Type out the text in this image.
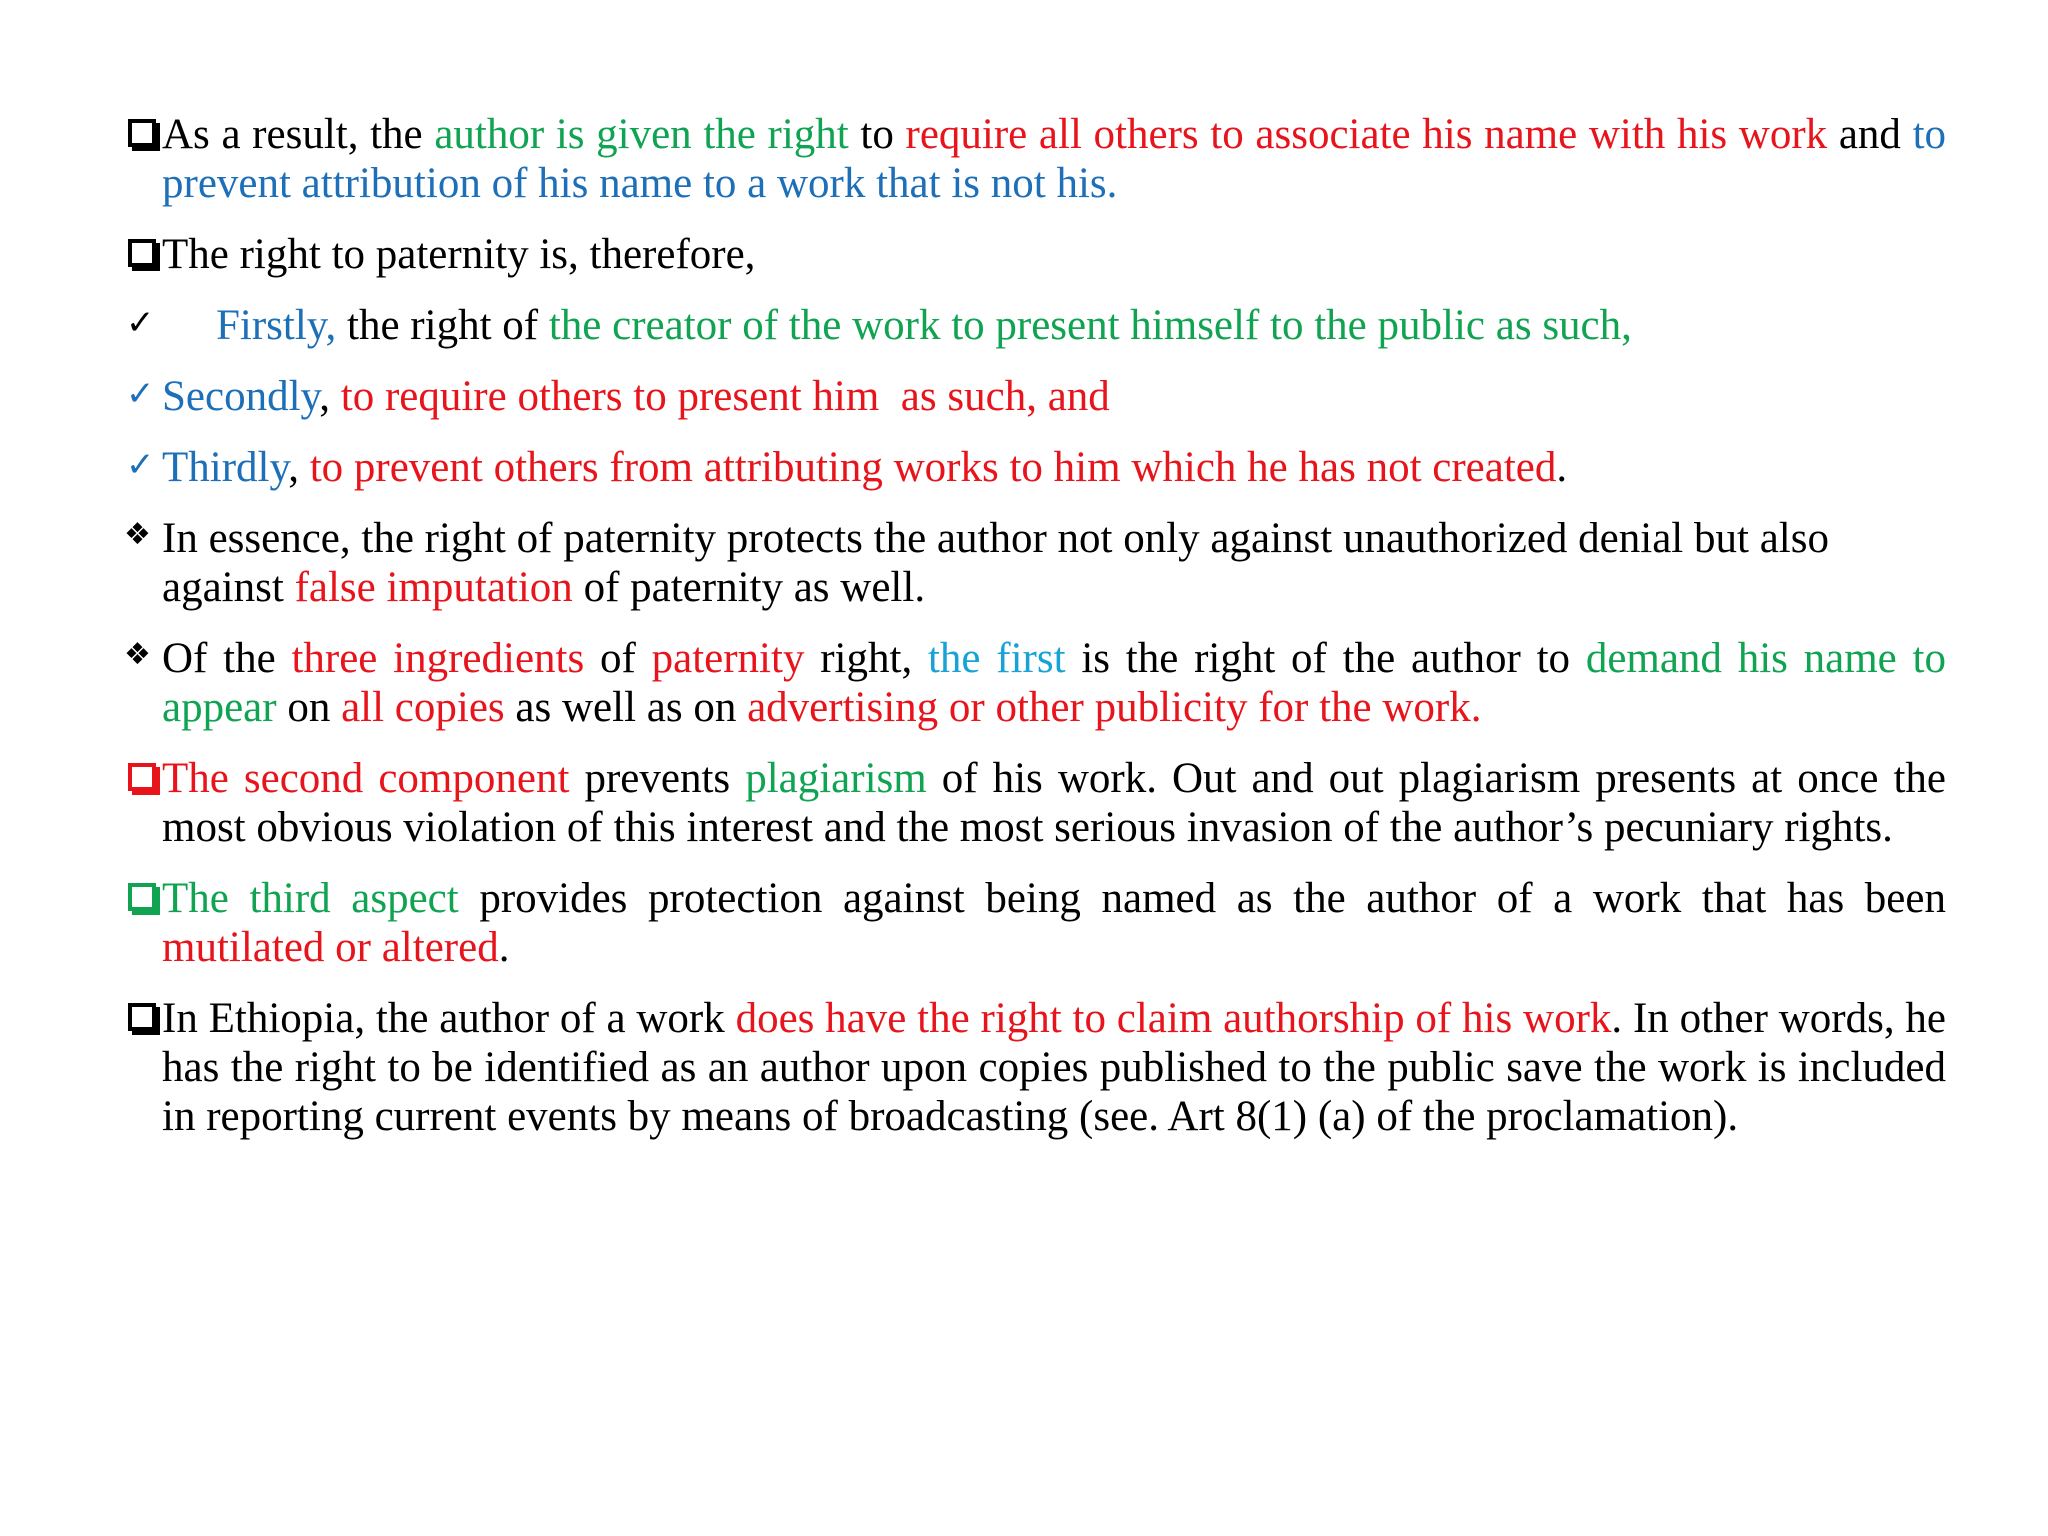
As a result, the author is given the right to require all others to associate his name with his work and to prevent attribution of his name to a work that is not his.
The right to paternity is, therefore,
✓ Firstly, the right of the creator of the work to present himself to the public as such,
✓ Secondly, to require others to present him  as such, and
✓ Thirdly, to prevent others from attributing works to him which he has not created.
❖ In essence, the right of paternity protects the author not only against unauthorized denial but also against false imputation of paternity as well.
❖ Of the three ingredients of paternity right, the first is the right of the author to demand his name to appear on all copies as well as on advertising or other publicity for the work.
The second component prevents plagiarism of his work. Out and out plagiarism presents at once the most obvious violation of this interest and the most serious invasion of the author’s pecuniary rights.
The third aspect provides protection against being named as the author of a work that has been mutilated or altered.
In Ethiopia, the author of a work does have the right to claim authorship of his work. In other words, he has the right to be identified as an author upon copies published to the public save the work is included in reporting current events by means of broadcasting (see. Art 8(1) (a) of the proclamation).
